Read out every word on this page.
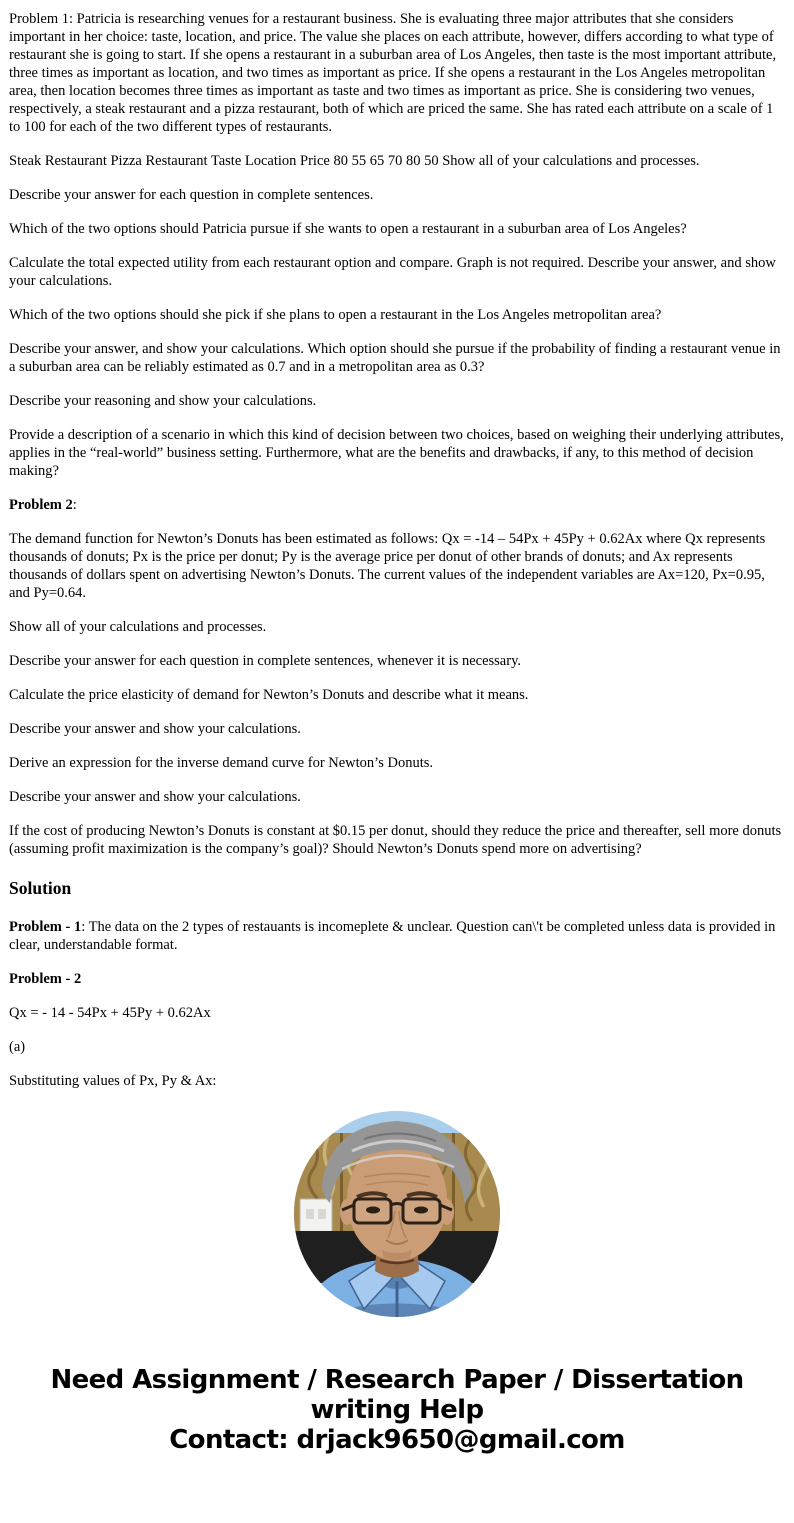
Problem 1: Patricia is researching venues for a restaurant business. She is evaluating three major attributes that she considers important in her choice: taste, location, and price. The value she places on each attribute, however, differs according to what type of restaurant she is going to start. If she opens a restaurant in a suburban area of Los Angeles, then taste is the most important attribute, three times as important as location, and two times as important as price. If she opens a restaurant in the Los Angeles metropolitan area, then location becomes three times as important as taste and two times as important as price. She is considering two venues, respectively, a steak restaurant and a pizza restaurant, both of which are priced the same. She has rated each attribute on a scale of 1 to 100 for each of the two different types of restaurants.

Steak Restaurant Pizza Restaurant Taste Location Price 80 55 65 70 80 50 Show all of your calculations and processes.

Describe your answer for each question in complete sentences.

Which of the two options should Patricia pursue if she wants to open a restaurant in a suburban area of Los Angeles?

Calculate the total expected utility from each restaurant option and compare. Graph is not required. Describe your answer, and show your calculations.

Which of the two options should she pick if she plans to open a restaurant in the Los Angeles metropolitan area?

Describe your answer, and show your calculations. Which option should she pursue if the probability of finding a restaurant venue in a suburban area can be reliably estimated as 0.7 and in a metropolitan area as 0.3?

Describe your reasoning and show your calculations.

Provide a description of a scenario in which this kind of decision between two choices, based on weighing their underlying attributes, applies in the “real-world” business setting. Furthermore, what are the benefits and drawbacks, if any, to this method of decision making?

Problem 2:

The demand function for Newton’s Donuts has been estimated as follows: Qx = -14 – 54Px + 45Py + 0.62Ax where Qx represents thousands of donuts; Px is the price per donut; Py is the average price per donut of other brands of donuts; and Ax represents thousands of dollars spent on advertising Newton’s Donuts. The current values of the independent variables are Ax=120, Px=0.95, and Py=0.64.

Show all of your calculations and processes.

Describe your answer for each question in complete sentences, whenever it is necessary.

Calculate the price elasticity of demand for Newton’s Donuts and describe what it means.

Describe your answer and show your calculations.

Derive an expression for the inverse demand curve for Newton’s Donuts.

Describe your answer and show your calculations.

If the cost of producing Newton’s Donuts is constant at $0.15 per donut, should they reduce the price and thereafter, sell more donuts (assuming profit maximization is the company’s goal)? Should Newton’s Donuts spend more on advertising?

Solution

Problem - 1: The data on the 2 types of restauants is incomeplete & unclear. Question can\'t be completed unless data is provided in clear, understandable format.

Problem - 2

Qx = - 14 - 54Px + 45Py + 0.62Ax

(a)

Substituting values of Px, Py & Ax:

Need Assignment / Research Paper / Dissertation
writing Help
Contact: drjack9650@gmail.com
